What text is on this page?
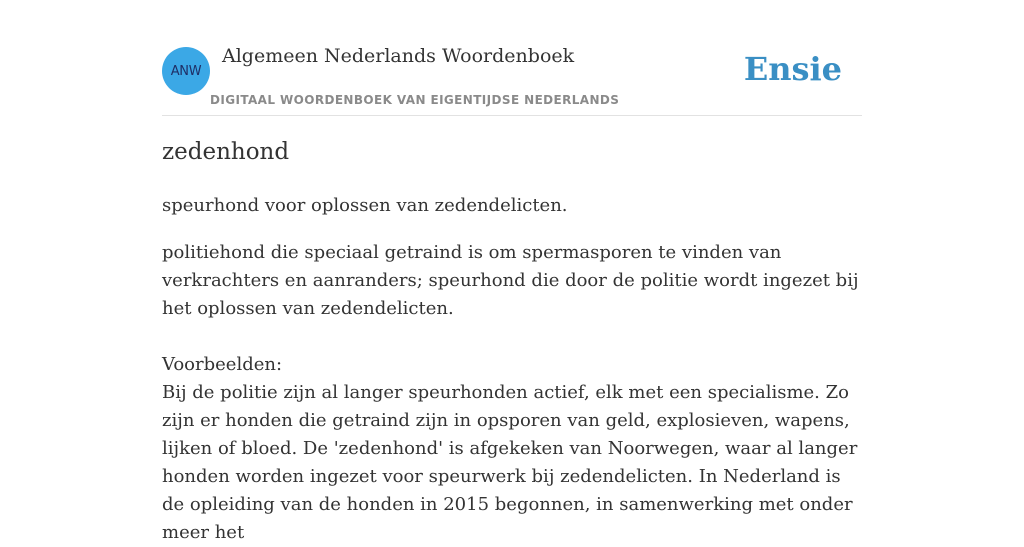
ANW
Algemeen Nederlands Woordenboek
DIGITAAL WOORDENBOEK VAN EIGENTIJDSE NEDERLANDS
Ensie
zedenhond

speurhond voor oplossen van zedendelicten.

politiehond die speciaal getraind is om spermasporen te vinden van verkrachters en aanranders; speurhond die door de politie wordt ingezet bij het oplossen van zedendelicten.

Voorbeelden:

Bij de politie zijn al langer speurhonden actief, elk met een specialisme. Zo zijn er honden die getraind zijn in opsporen van geld, explosieven, wapens, lijken of bloed. De 'zedenhond' is afgekeken van Noorwegen, waar al langer honden worden ingezet voor speurwerk bij zedendelicten. In Nederland is de opleiding van de honden in 2015 begonnen, in samenwerking met onder meer het
